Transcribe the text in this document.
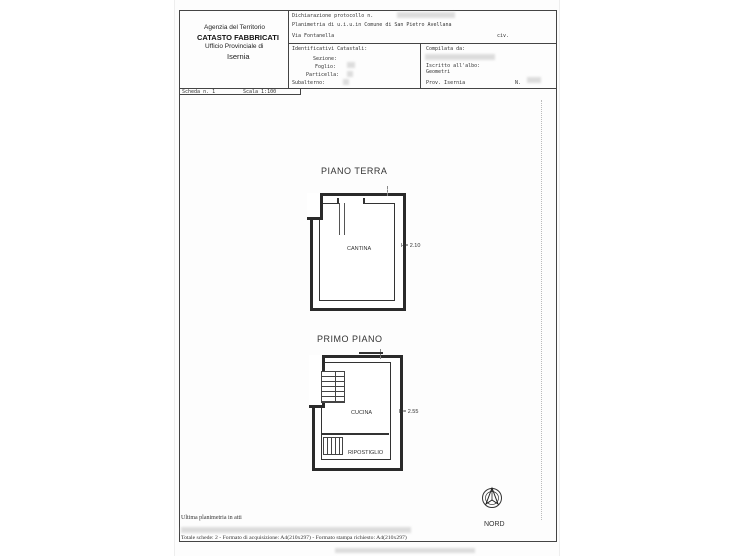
Agenzia del Territorio
CATASTO FABBRICATI
Ufficio Provinciale di
Isernia
Dichiarazione protocollo n.
Planimetria di u.i.u.in Comune di San Pietro Avellana
Via Fontanella	civ.
Identificativi Catastali:
Sezione:
Foglio:
Particella:
Subalterno:
Compilata da:
Iscritto all'albo:
Geometri
Prov. Isernia	N.
Scheda n. 1	Scala 1:100
PIANO TERRA
CANTINA	H= 2.10
PRIMO PIANO
CUCINA	H= 2.55
RIPOSTIGLIO
NORD
Ultima planimetria in atti
Totale schede: 2 - Formato di acquisizione: A4(210x297) - Formato stampa richiesto: A4(210x297)
